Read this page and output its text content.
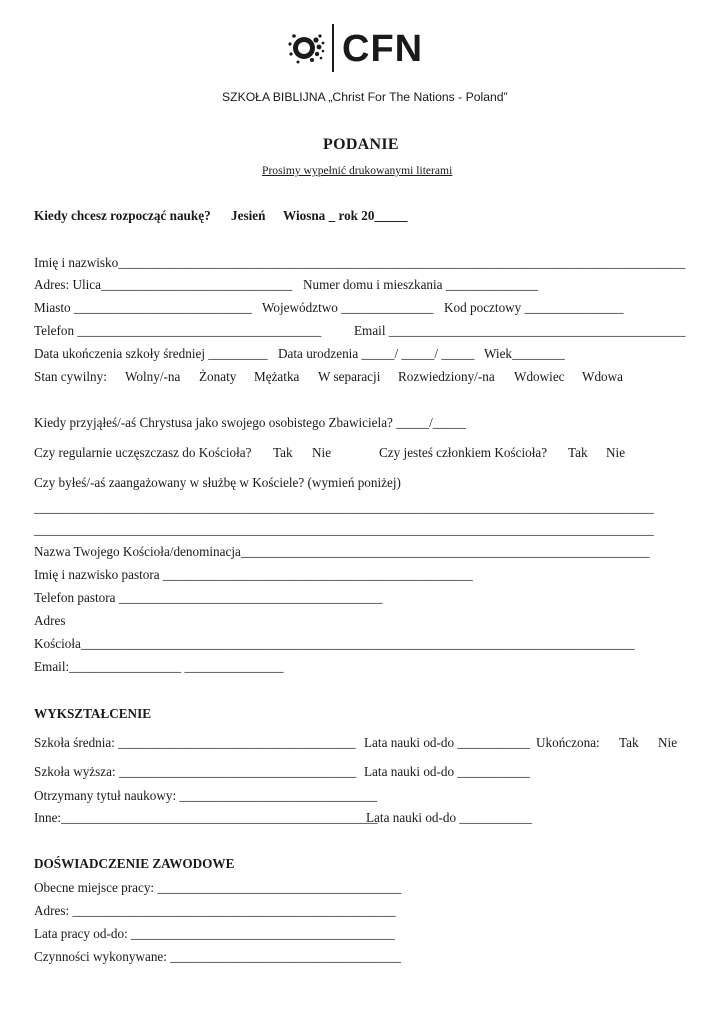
CFN
SZKOŁA BIBLIJNA „Christ For The Nations - Poland”
PODANIE
Prosimy wypełnić drukowanymi literami
Kiedy chcesz rozpocząć naukę? Jesień Wiosna _ rok 20_____
Imię i nazwisko______________________________________________________________________________________
Adres: Ulica_____________________________ Numer domu i mieszkania ______________
Miasto ___________________________ Województwo ______________ Kod pocztowy _______________
Telefon _____________________________________ Email _____________________________________________
Data ukończenia szkoły średniej _________ Data urodzenia _____/ _____/ _____ Wiek________
Stan cywilny: Wolny/-na Żonaty Mężatka W separacji Rozwiedziony/-na Wdowiec Wdowa
Kiedy przyjąłeś/-aś Chrystusa jako swojego osobistego Zbawiciela? _____/_____
Czy regularnie uczęszczasz do Kościoła? Tak Nie	Czy jesteś członkiem Kościoła? Tak Nie
Czy byłeś/-aś zaangażowany w służbę w Kościele? (wymień poniżej)
______________________________________________________________________________________________
______________________________________________________________________________________________
Nazwa Twojego Kościoła/denominacja______________________________________________________________
Imię i nazwisko pastora _______________________________________________
Telefon pastora ________________________________________
Adres
Kościoła____________________________________________________________________________________
Email:_________________ _______________
WYKSZTAŁCENIE
Szkoła średnia: ____________________________________ Lata nauki od-do ___________ Ukończona: Tak Nie
Szkoła wyższa: ____________________________________ Lata nauki od-do ___________
Otrzymany tytuł naukowy: ______________________________
Inne:________________________________________________
Lata nauki od-do ___________
DOŚWIADCZENIE ZAWODOWE
Obecne miejsce pracy: _____________________________________
Adres: _________________________________________________
Lata pracy od-do: ________________________________________
Czynności wykonywane: ___________________________________
